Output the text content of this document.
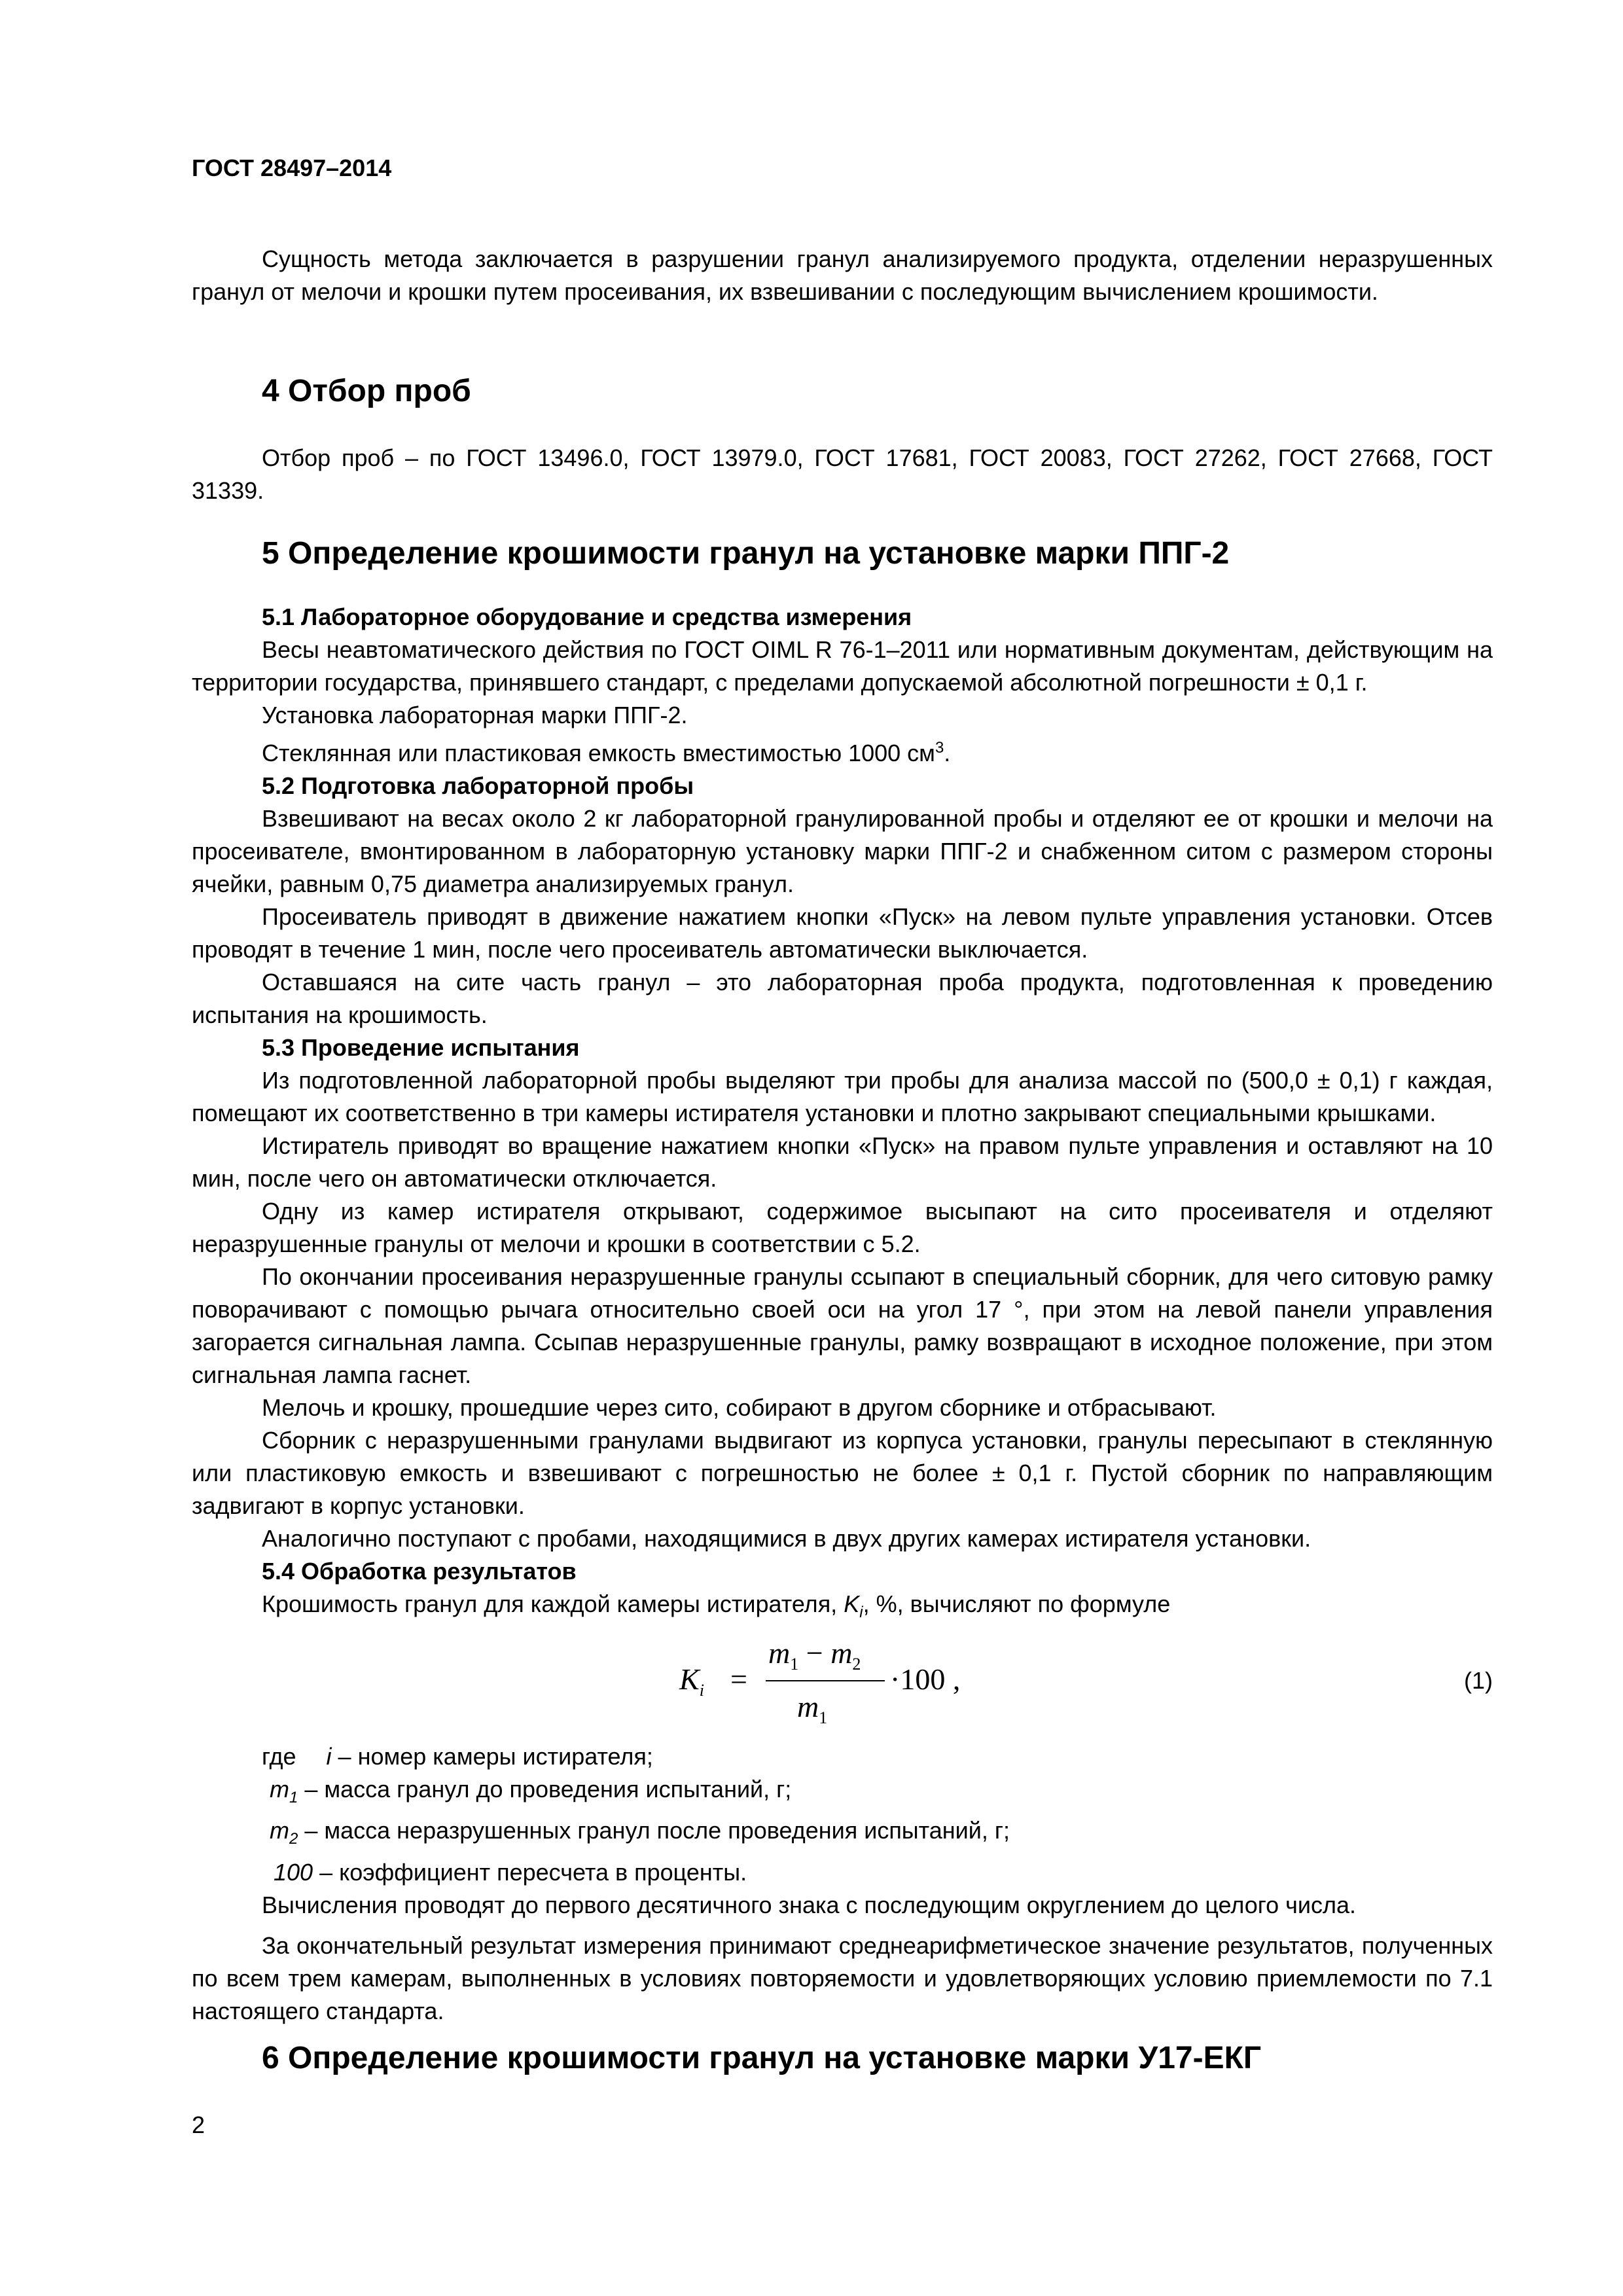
ГОСТ 28497–2014

Сущность метода заключается в разрушении гранул анализируемого продукта, отделении неразрушенных гранул от мелочи и крошки путем просеивания, их взвешивании с последующим вычислением крошимости.

4 Отбор проб

Отбор проб – по ГОСТ 13496.0, ГОСТ 13979.0, ГОСТ 17681, ГОСТ 20083, ГОСТ 27262, ГОСТ 27668, ГОСТ 31339.

5 Определение крошимости гранул на установке марки ППГ-2
5.1 Лабораторное оборудование и средства измерения

Весы неавтоматического действия по ГОСТ OIML R 76-1–2011 или нормативным документам, действующим на территории государства, принявшего стандарт, с пределами допускаемой абсолютной погрешности ± 0,1 г.

Установка лабораторная марки ППГ-2.

Стеклянная или пластиковая емкость вместимостью 1000 $см^3$.

5.2 Подготовка лабораторной пробы

Взвешивают на весах около 2 кг лабораторной гранулированной пробы и отделяют ее от крошки и мелочи на просеивателе, вмонтированном в лабораторную установку марки ППГ-2 и снабженном ситом с размером стороны ячейки, равным 0,75 диаметра анализируемых гранул.

Просеиватель приводят в движение нажатием кнопки «Пуск» на левом пульте управления установки. Отсев проводят в течение 1 мин, после чего просеиватель автоматически выключается.

Оставшаяся на сите часть гранул – это лабораторная проба продукта, подготовленная к проведению испытания на крошимость.

5.3 Проведение испытания

Из подготовленной лабораторной пробы выделяют три пробы для анализа массой по (500,0 ± 0,1) г каждая, помещают их соответственно в три камеры истирателя установки и плотно закрывают специальными крышками.

Истиратель приводят во вращение нажатием кнопки «Пуск» на правом пульте управления и оставляют на 10 мин, после чего он автоматически отключается.

Одну из камер истирателя открывают, содержимое высыпают на сито просеивателя и отделяют неразрушенные гранулы от мелочи и крошки в соответствии с 5.2.

По окончании просеивания неразрушенные гранулы ссыпают в специальный сборник, для чего ситовую рамку поворачивают с помощью рычага относительно своей оси на угол 17 °, при этом на левой панели управления загорается сигнальная лампа. Ссыпав неразрушенные гранулы, рамку возвращают в исходное положение, при этом сигнальная лампа гаснет.

Мелочь и крошку, прошедшие через сито, собирают в другом сборнике и отбрасывают.

Сборник с неразрушенными гранулами выдвигают из корпуса установки, гранулы пересыпают в стеклянную или пластиковую емкость и взвешивают с погрешностью не более ± 0,1 г. Пустой сборник по направляющим задвигают в корпус установки.

Аналогично поступают с пробами, находящимися в двух других камерах истирателя установки.

5.4 Обработка результатов

Крошимость гранул для каждой камеры истирателя, $K_i$, %, вычисляют по формуле

$K_i$ =
$m_1 - m_2$
$m_1$
·100 ,	(1)

где i – номер камеры истирателя;

$m_1$ – масса гранул до проведения испытаний, г;

$m_2$ – масса неразрушенных гранул после проведения испытаний, г;

100 – коэффициент пересчета в проценты.

Вычисления проводят до первого десятичного знака с последующим округлением до целого числа.

За окончательный результат измерения принимают среднеарифметическое значение результатов, полученных по всем трем камерам, выполненных в условиях повторяемости и удовлетворяющих условию приемлемости по 7.1 настоящего стандарта.

6 Определение крошимости гранул на установке марки У17-ЕКГ
2
